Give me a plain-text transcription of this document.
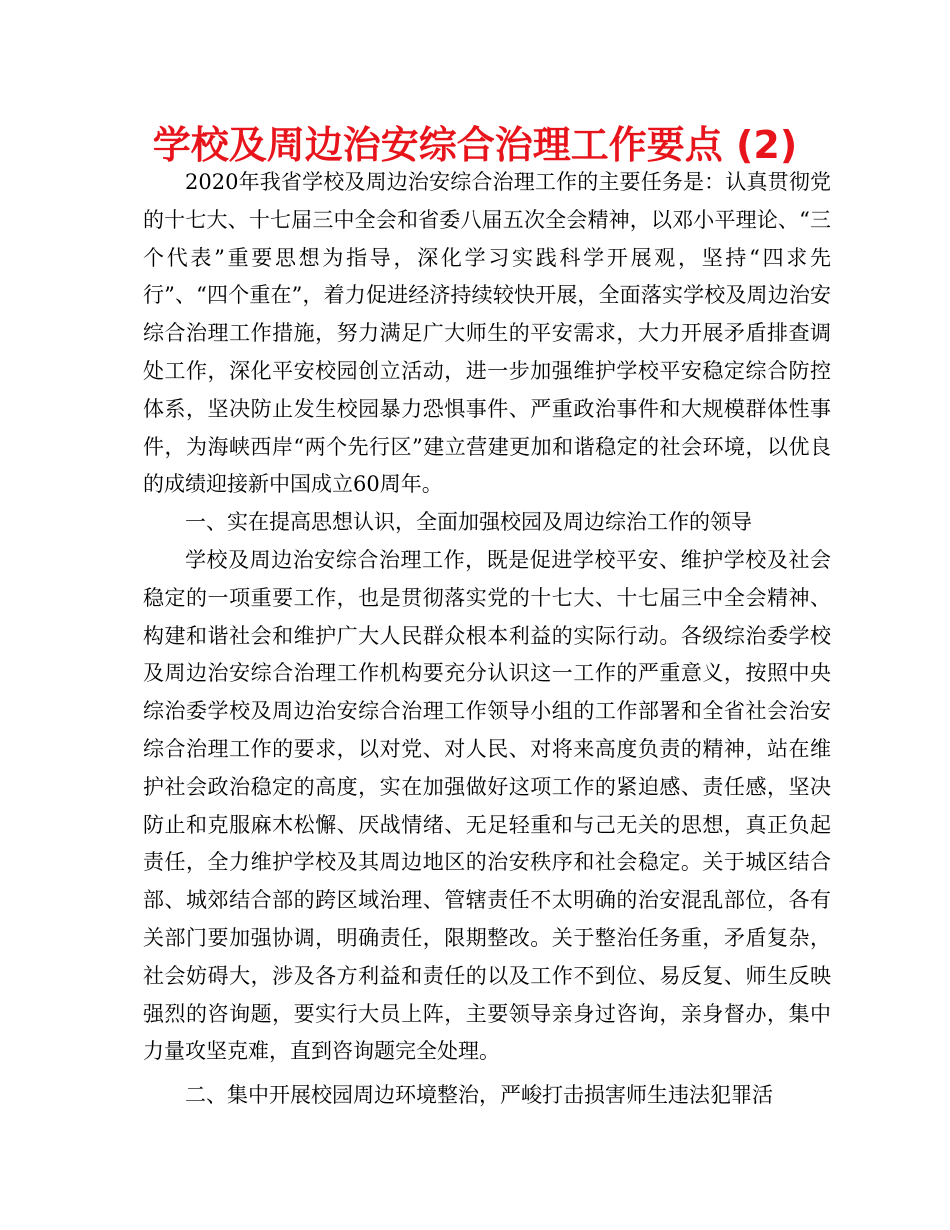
学校及周边治安综合治理工作要点 (2)

2020年我省学校及周边治安综合治理工作的主要任务是：认真贯彻党的十七大、十七届三中全会和省委八届五次全会精神，以邓小平理论、“三个代表”重要思想为指导，深化学习实践科学开展观，坚持“四求先行”、“四个重在”，着力促进经济持续较快开展，全面落实学校及周边治安综合治理工作措施，努力满足广大师生的平安需求，大力开展矛盾排查调处工作，深化平安校园创立活动，进一步加强维护学校平安稳定综合防控体系，坚决防止发生校园暴力恐惧事件、严重政治事件和大规模群体性事件，为海峡西岸“两个先行区”建立营建更加和谐稳定的社会环境，以优良的成绩迎接新中国成立60周年。

一、实在提高思想认识，全面加强校园及周边综治工作的领导

学校及周边治安综合治理工作，既是促进学校平安、维护学校及社会稳定的一项重要工作，也是贯彻落实党的十七大、十七届三中全会精神、构建和谐社会和维护广大人民群众根本利益的实际行动。各级综治委学校及周边治安综合治理工作机构要充分认识这一工作的严重意义，按照中央综治委学校及周边治安综合治理工作领导小组的工作部署和全省社会治安综合治理工作的要求，以对党、对人民、对将来高度负责的精神，站在维护社会政治稳定的高度，实在加强做好这项工作的紧迫感、责任感，坚决防止和克服麻木松懈、厌战情绪、无足轻重和与己无关的思想，真正负起责任，全力维护学校及其周边地区的治安秩序和社会稳定。关于城区结合部、城郊结合部的跨区域治理、管辖责任不太明确的治安混乱部位，各有关部门要加强协调，明确责任，限期整改。关于整治任务重，矛盾复杂，社会妨碍大，涉及各方利益和责任的以及工作不到位、易反复、师生反映强烈的咨询题，要实行大员上阵，主要领导亲身过咨询，亲身督办，集中力量攻坚克难，直到咨询题完全处理。

二、集中开展校园周边环境整治，严峻打击损害师生违法犯罪活
